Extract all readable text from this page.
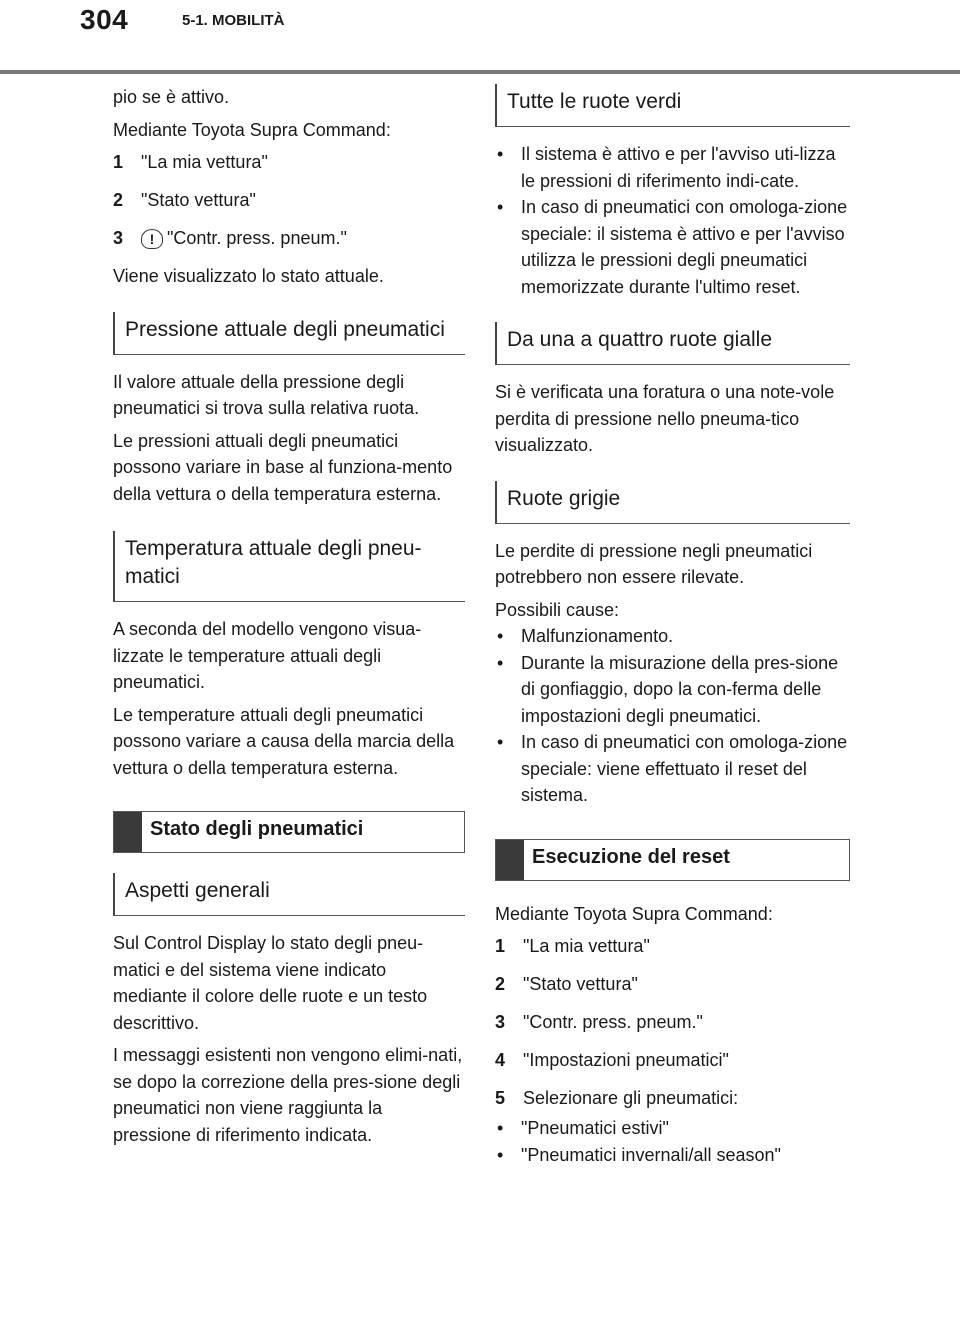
304	5-1. MOBILITÀ

pio se è attivo.

Mediante Toyota Supra Command:

1 "La mia vettura"
2 "Stato vettura"
3	! "Contr. press. pneum."

Viene visualizzato lo stato attuale.

Pressione attuale degli pneumatici

Il valore attuale della pressione degli pneumatici si trova sulla relativa ruota.

Le pressioni attuali degli pneumatici possono variare in base al funziona-mento della vettura o della temperatura esterna.

Temperatura attuale degli pneu-matici

A seconda del modello vengono visua-lizzate le temperature attuali degli pneumatici.

Le temperature attuali degli pneumatici possono variare a causa della marcia della vettura o della temperatura esterna.

Stato degli pneumatici
Aspetti generali

Sul Control Display lo stato degli pneu-matici e del sistema viene indicato mediante il colore delle ruote e un testo descrittivo.

I messaggi esistenti non vengono elimi-nati, se dopo la correzione della pres-sione degli pneumatici non viene raggiunta la pressione di riferimento indicata.

Tutte le ruote verdi
• Il sistema è attivo e per l'avviso uti-lizza le pressioni di riferimento indi-cate.
• In caso di pneumatici con omologa-zione speciale: il sistema è attivo e per l'avviso utilizza le pressioni degli pneumatici memorizzate durante l'ultimo reset.
Da una a quattro ruote gialle

Si è verificata una foratura o una note-vole perdita di pressione nello pneuma-tico visualizzato.

Ruote grigie

Le perdite di pressione negli pneumatici potrebbero non essere rilevate.

Possibili cause:

• Malfunzionamento.
• Durante la misurazione della pres-sione di gonfiaggio, dopo la con-ferma delle impostazioni degli pneumatici.
• In caso di pneumatici con omologa-zione speciale: viene effettuato il reset del sistema.
Esecuzione del reset

Mediante Toyota Supra Command:

1 "La mia vettura"
2 "Stato vettura"
3 "Contr. press. pneum."
4 "Impostazioni pneumatici"
5 Selezionare gli pneumatici:
• "Pneumatici estivi"
• "Pneumatici invernali/all season"
